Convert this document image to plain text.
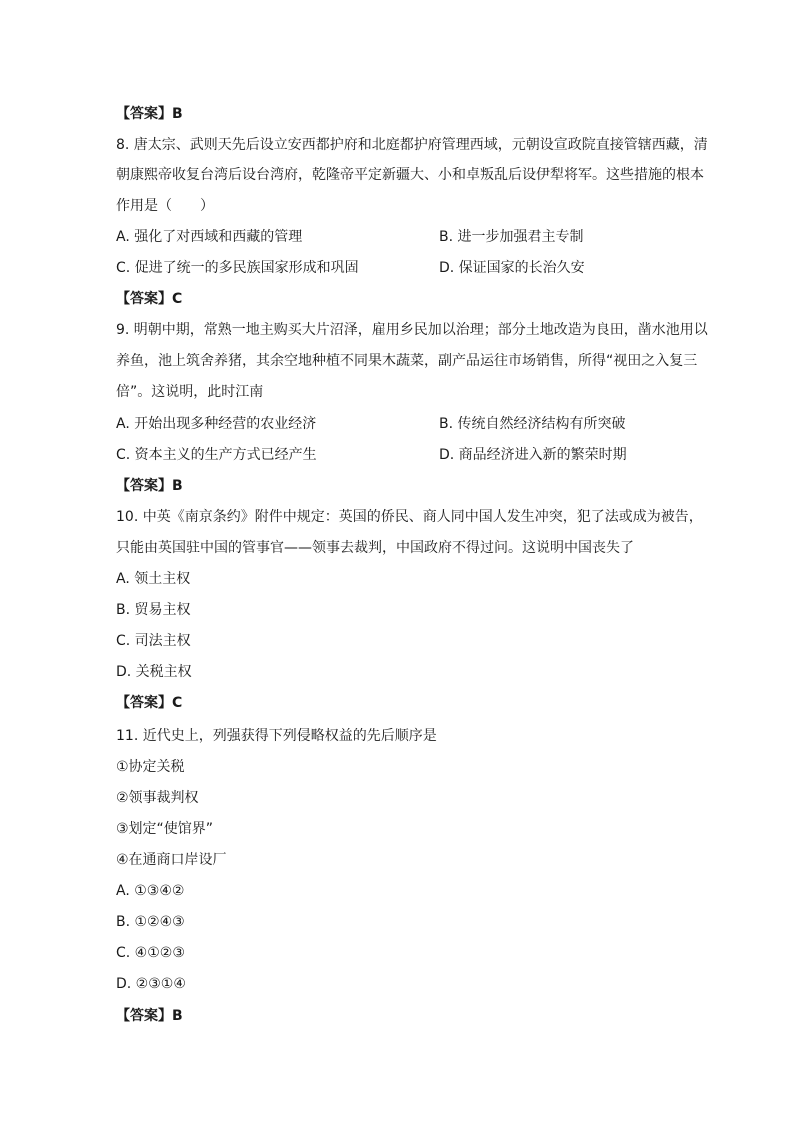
【答案】B
8. 唐太宗、武则天先后设立安西都护府和北庭都护府管理西域，元朝设宣政院直接管辖西藏，清
朝康熙帝收复台湾后设台湾府，乾隆帝平定新疆大、小和卓叛乱后设伊犁将军。这些措施的根本
作用是（　　）
A. 强化了对西域和西藏的管理	B. 进一步加强君主专制
C. 促进了统一的多民族国家形成和巩固	D. 保证国家的长治久安
【答案】C
9. 明朝中期，常熟一地主购买大片沼泽，雇用乡民加以治理；部分土地改造为良田，凿水池用以
养鱼，池上筑舍养猪，其余空地种植不同果木蔬菜，副产品运往市场销售，所得“视田之入复三
倍”。这说明，此时江南
A. 开始出现多种经营的农业经济	B. 传统自然经济结构有所突破
C. 资本主义的生产方式已经产生	D. 商品经济进入新的繁荣时期
【答案】B
10. 中英《南京条约》附件中规定：英国的侨民、商人同中国人发生冲突，犯了法或成为被告，
只能由英国驻中国的管事官——领事去裁判，中国政府不得过问。这说明中国丧失了
A. 领土主权
B. 贸易主权
C. 司法主权
D. 关税主权
【答案】C
11. 近代史上，列强获得下列侵略权益的先后顺序是
①协定关税
②领事裁判权
③划定“使馆界”
④在通商口岸设厂
A. ①③④②
B. ①②④③
C. ④①②③
D. ②③①④
【答案】B
